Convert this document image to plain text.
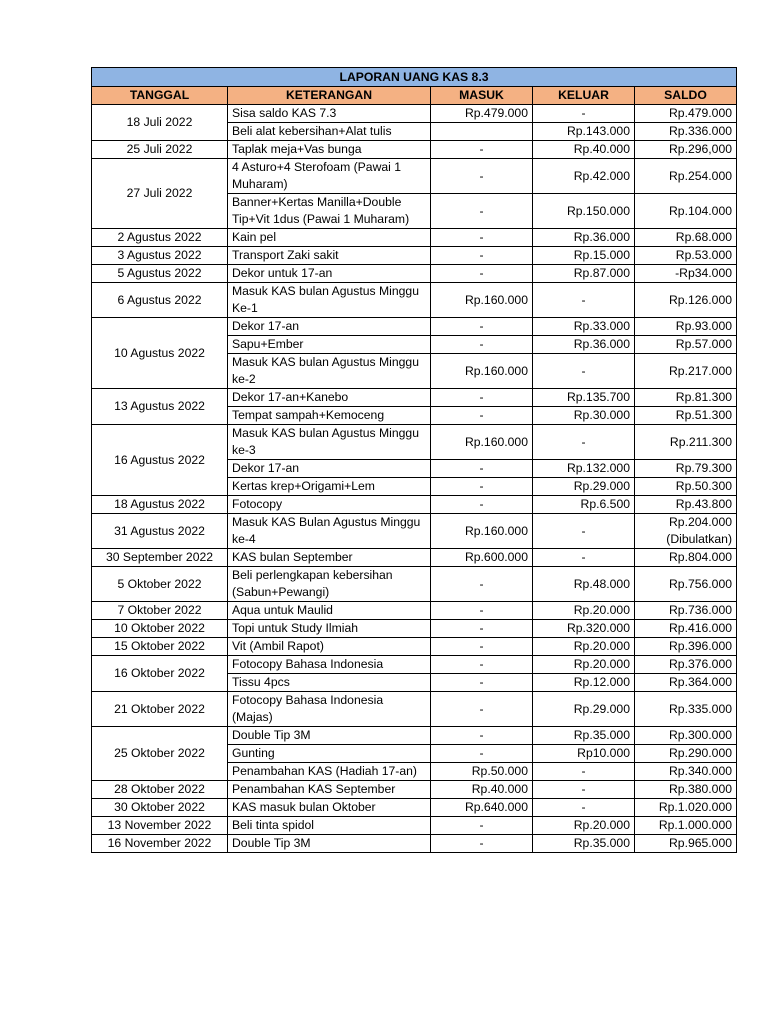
LAPORAN UANG KAS 8.3				
TANGGAL	KETERANGAN	MASUK	KELUAR	SALDO
18 Juli 2022	Sisa saldo KAS 7.3	Rp.479.000	-	Rp.479.000
	Beli alat kebersihan+Alat tulis		Rp.143.000	Rp.336.000
25 Juli 2022	Taplak meja+Vas bunga	-	Rp.40.000	Rp.296,000
27 Juli 2022	4 Asturo+4 Sterofoam (Pawai 1 Muharam)	-	Rp.42.000	Rp.254.000
	Banner+Kertas Manilla+Double Tip+Vit 1dus (Pawai 1 Muharam)	-	Rp.150.000	Rp.104.000
2 Agustus 2022	Kain pel	-	Rp.36.000	Rp.68.000
3 Agustus 2022	Transport Zaki sakit	-	Rp.15.000	Rp.53.000
5 Agustus 2022	Dekor untuk 17-an	-	Rp.87.000	-Rp34.000
6 Agustus 2022	Masuk KAS bulan Agustus Minggu Ke-1	Rp.160.000	-	Rp.126.000
10 Agustus 2022	Dekor 17-an	-	Rp.33.000	Rp.93.000
	Sapu+Ember	-	Rp.36.000	Rp.57.000
	Masuk KAS bulan Agustus Minggu ke-2	Rp.160.000	-	Rp.217.000
13 Agustus 2022	Dekor 17-an+Kanebo	-	Rp.135.700	Rp.81.300
	Tempat sampah+Kemoceng	-	Rp.30.000	Rp.51.300
16 Agustus 2022	Masuk KAS bulan Agustus Minggu ke-3	Rp.160.000	-	Rp.211.300
	Dekor 17-an	-	Rp.132.000	Rp.79.300
	Kertas krep+Origami+Lem	-	Rp.29.000	Rp.50.300
18 Agustus 2022	Fotocopy	-	Rp.6.500	Rp.43.800
31 Agustus 2022	Masuk KAS Bulan Agustus Minggu ke-4	Rp.160.000	-	Rp.204.000 (Dibulatkan)
30 September 2022	KAS bulan September	Rp.600.000	-	Rp.804.000
5 Oktober 2022	Beli perlengkapan kebersihan (Sabun+Pewangi)	-	Rp.48.000	Rp.756.000
7 Oktober 2022	Aqua untuk Maulid	-	Rp.20.000	Rp.736.000
10 Oktober 2022	Topi untuk Study Ilmiah	-	Rp.320.000	Rp.416.000
15 Oktober 2022	Vit (Ambil Rapot)	-	Rp.20.000	Rp.396.000
16 Oktober 2022	Fotocopy Bahasa Indonesia	-	Rp.20.000	Rp.376.000
	Tissu 4pcs	-	Rp.12.000	Rp.364.000
21 Oktober 2022	Fotocopy Bahasa Indonesia (Majas)	-	Rp.29.000	Rp.335.000
25 Oktober 2022	Double Tip 3M	-	Rp.35.000	Rp.300.000
	Gunting	-	Rp10.000	Rp.290.000
	Penambahan KAS (Hadiah 17-an)	Rp.50.000	-	Rp.340.000
28 Oktober 2022	Penambahan KAS September	Rp.40.000	-	Rp.380.000
30 Oktober 2022	KAS masuk bulan Oktober	Rp.640.000	-	Rp.1.020.000
13 November 2022	Beli tinta spidol	-	Rp.20.000	Rp.1.000.000
16 November 2022	Double Tip 3M	-	Rp.35.000	Rp.965.000
